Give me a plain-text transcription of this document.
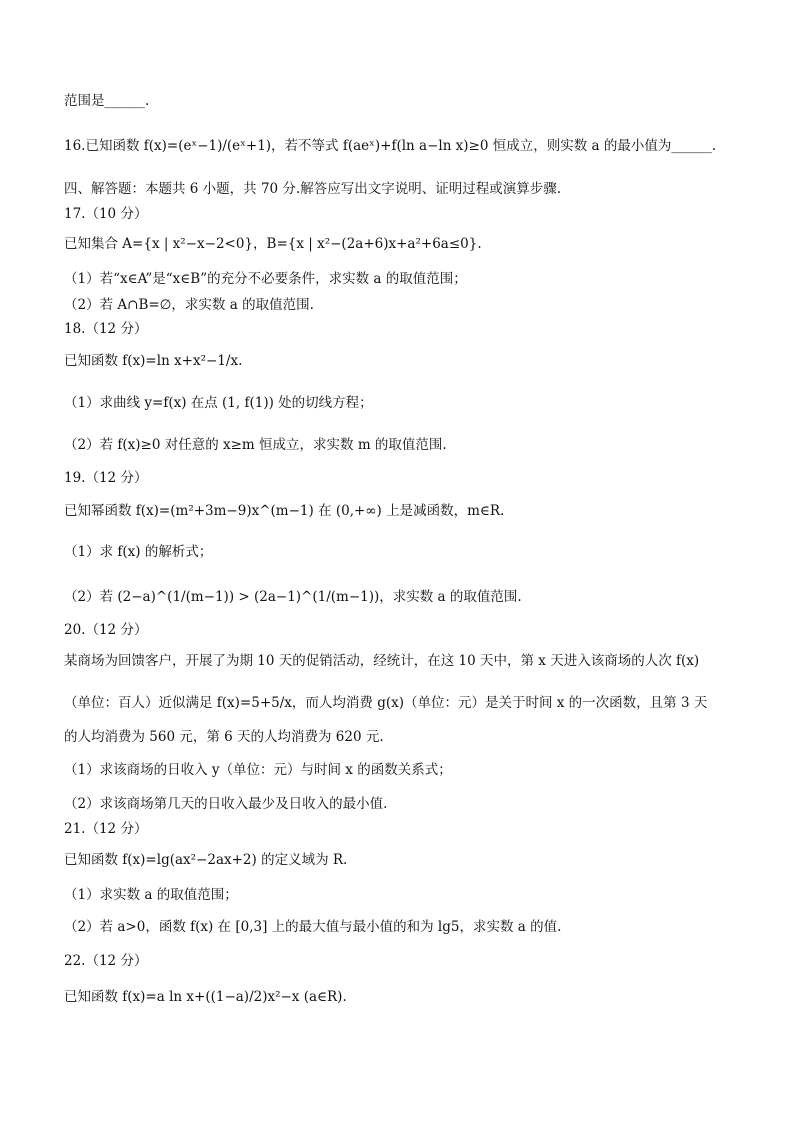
范围是______.
16.已知函数 f(x)=(eˣ−1)/(eˣ+1)，若不等式 f(aeˣ)+f(ln a−ln x)≥0 恒成立，则实数 a 的最小值为______.
四、解答题：本题共 6 小题，共 70 分.解答应写出文字说明、证明过程或演算步骤.
17.（10 分）
已知集合 A={x | x²−x−2<0}，B={x | x²−(2a+6)x+a²+6a≤0}.
（1）若“x∈A”是“x∈B”的充分不必要条件，求实数 a 的取值范围；
（2）若 A∩B=∅，求实数 a 的取值范围.
18.（12 分）
已知函数 f(x)=ln x+x²−1/x.
（1）求曲线 y=f(x) 在点 (1, f(1)) 处的切线方程；
（2）若 f(x)≥0 对任意的 x≥m 恒成立，求实数 m 的取值范围.
19.（12 分）
已知幂函数 f(x)=(m²+3m−9)x^(m−1) 在 (0,+∞) 上是减函数，m∈R.
（1）求 f(x) 的解析式；
（2）若 (2−a)^(1/(m−1)) > (2a−1)^(1/(m−1))，求实数 a 的取值范围.
20.（12 分）
某商场为回馈客户，开展了为期 10 天的促销活动，经统计，在这 10 天中，第 x 天进入该商场的人次 f(x)
（单位：百人）近似满足 f(x)=5+5/x，而人均消费 g(x)（单位：元）是关于时间 x 的一次函数，且第 3 天
的人均消费为 560 元，第 6 天的人均消费为 620 元.
（1）求该商场的日收入 y（单位：元）与时间 x 的函数关系式；
（2）求该商场第几天的日收入最少及日收入的最小值.
21.（12 分）
已知函数 f(x)=lg(ax²−2ax+2) 的定义域为 R.
（1）求实数 a 的取值范围；
（2）若 a>0，函数 f(x) 在 [0,3] 上的最大值与最小值的和为 lg5，求实数 a 的值.
22.（12 分）
已知函数 f(x)=a ln x+((1−a)/2)x²−x (a∈R).
